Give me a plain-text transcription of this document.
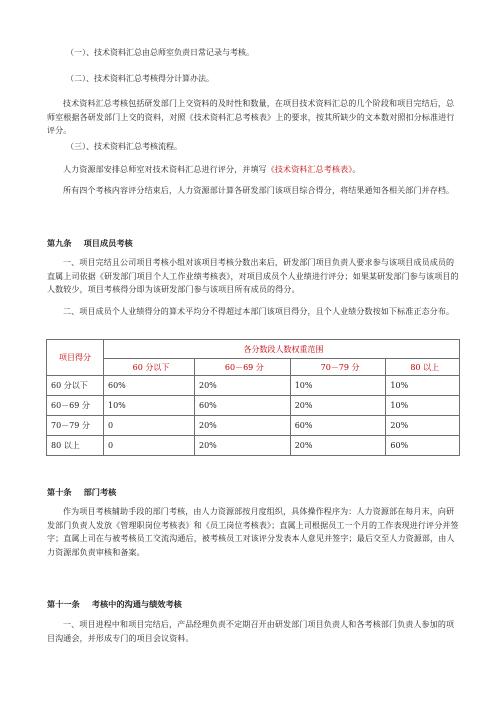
（一）、技术资料汇总由总师室负责日常记录与考核。

（二）、技术资料汇总考核得分计算办法。

技术资料汇总考核包括研发部门上交资料的及时性和数量，在项目技术资料汇总的几个阶段和项目完结后，总师室根据各研发部门上交的资料，对照《技术资料汇总考核表》上的要求，按其所缺少的文本数对照扣分标准进行评分。

（三）、技术资料汇总考核流程。

人力资源部安排总师室对技术资料汇总进行评分，并填写《技术资料汇总考核表》。

所有四个考核内容评分结束后，人力资源部计算各研发部门该项目综合得分，将结果通知各相关部门并存档。

第九条 项目成员考核

一、项目完结且公司项目考核小组对该项目考核分数出来后，研发部门项目负责人要求参与该项目成员成员的直属上司依据《研发部门项目个人工作业绩考核表》，对项目成员个人业绩进行评分；如果某研发部门参与该项目的人数较少，项目考核得分即为该研发部门参与该项目所有成员的得分。

二、项目成员个人业绩得分的算术平均分不得超过本部门该项目得分，且个人业绩分数按如下标准正态分布。

项目得分	各分数段人数权重范围			
	60 分以下	60－69 分	70－79 分	80 以上
60 分以下	60%	20%	10%	10%
60－69 分	10%	60%	20%	10%
70－79 分	0	20%	60%	20%
80 以上	0	20%	20%	60%
第十条 部门考核

作为项目考核辅助手段的部门考核，由人力资源部按月度组织，具体操作程序为：人力资源部在每月末，向研发部门负责人发放《管理职岗位考核表》和《员工岗位考核表》；直属上司根据员工一个月的工作表现进行评分并签字；直属上司在与被考核员工交流沟通后，被考核员工对该评分发表本人意见并签字；最后交至人力资源部，由人力资源部负责审核和备案。

第十一条 考核中的沟通与绩效考核

一、项目进程中和项目完结后，产品经理负责不定期召开由研发部门项目负责人和各考核部门负责人参加的项目沟通会，并形成专门的项目会议资料。
